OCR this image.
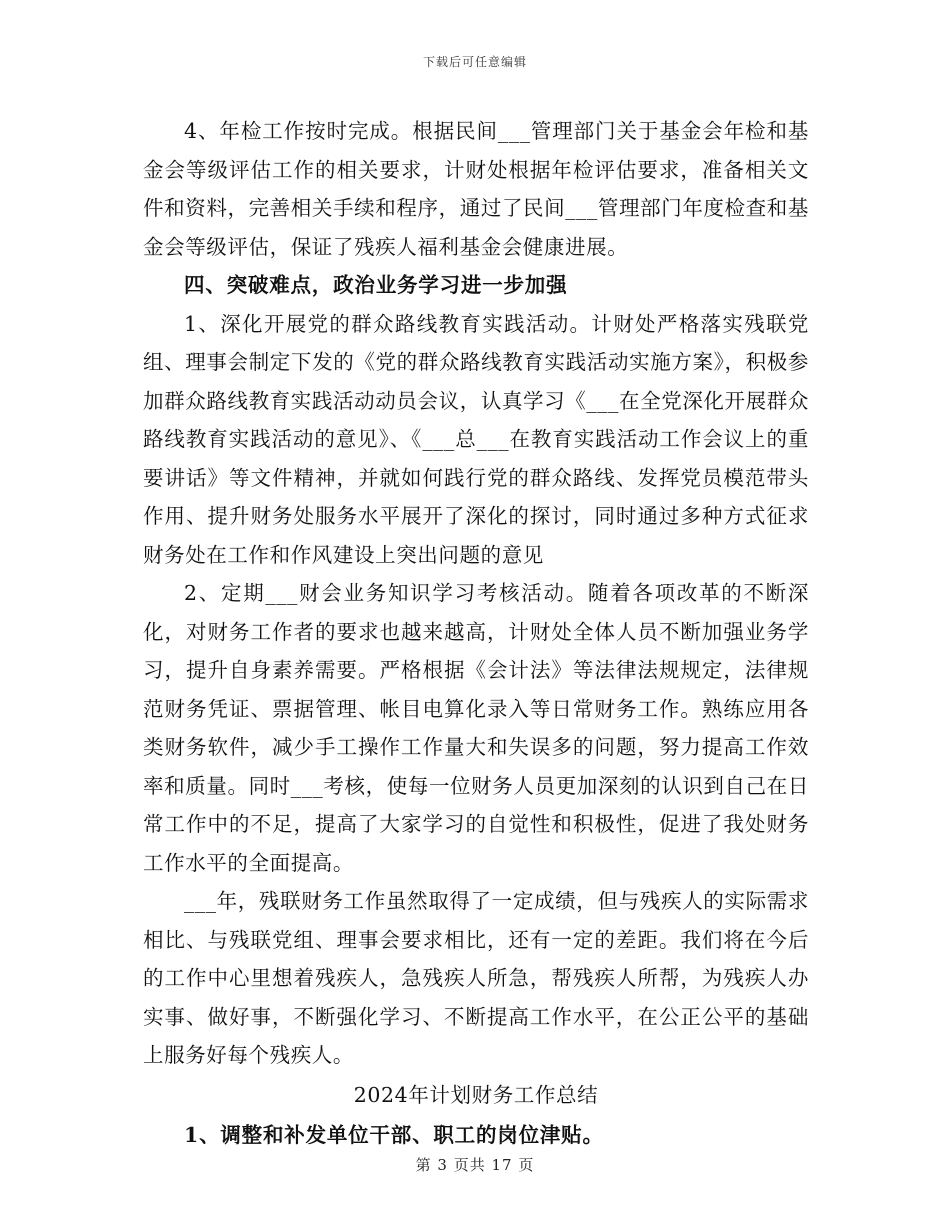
下载后可任意编辑

4、年检工作按时完成。根据民间___管理部门关于基金会年检和基金会等级评估工作的相关要求，计财处根据年检评估要求，准备相关文件和资料，完善相关手续和程序，通过了民间___管理部门年度检查和基金会等级评估，保证了残疾人福利基金会健康进展。

四、突破难点，政治业务学习进一步加强

1、深化开展党的群众路线教育实践活动。计财处严格落实残联党组、理事会制定下发的《党的群众路线教育实践活动实施方案》，积极参加群众路线教育实践活动动员会议，认真学习《___在全党深化开展群众路线教育实践活动的意见》、《___总___在教育实践活动工作会议上的重要讲话》等文件精神，并就如何践行党的群众路线、发挥党员模范带头作用、提升财务处服务水平展开了深化的探讨，同时通过多种方式征求财务处在工作和作风建设上突出问题的意见

2、定期___财会业务知识学习考核活动。随着各项改革的不断深化，对财务工作者的要求也越来越高，计财处全体人员不断加强业务学习，提升自身素养需要。严格根据《会计法》等法律法规规定，法律规范财务凭证、票据管理、帐目电算化录入等日常财务工作。熟练应用各类财务软件，减少手工操作工作量大和失误多的问题，努力提高工作效率和质量。同时___考核，使每一位财务人员更加深刻的认识到自己在日常工作中的不足，提高了大家学习的自觉性和积极性，促进了我处财务工作水平的全面提高。

___年，残联财务工作虽然取得了一定成绩，但与残疾人的实际需求相比、与残联党组、理事会要求相比，还有一定的差距。我们将在今后的工作中心里想着残疾人，急残疾人所急，帮残疾人所帮，为残疾人办实事、做好事，不断强化学习、不断提高工作水平，在公正公平的基础上服务好每个残疾人。

2024年计划财务工作总结

1、调整和补发单位干部、职工的岗位津贴。

第 3 页共 17 页
